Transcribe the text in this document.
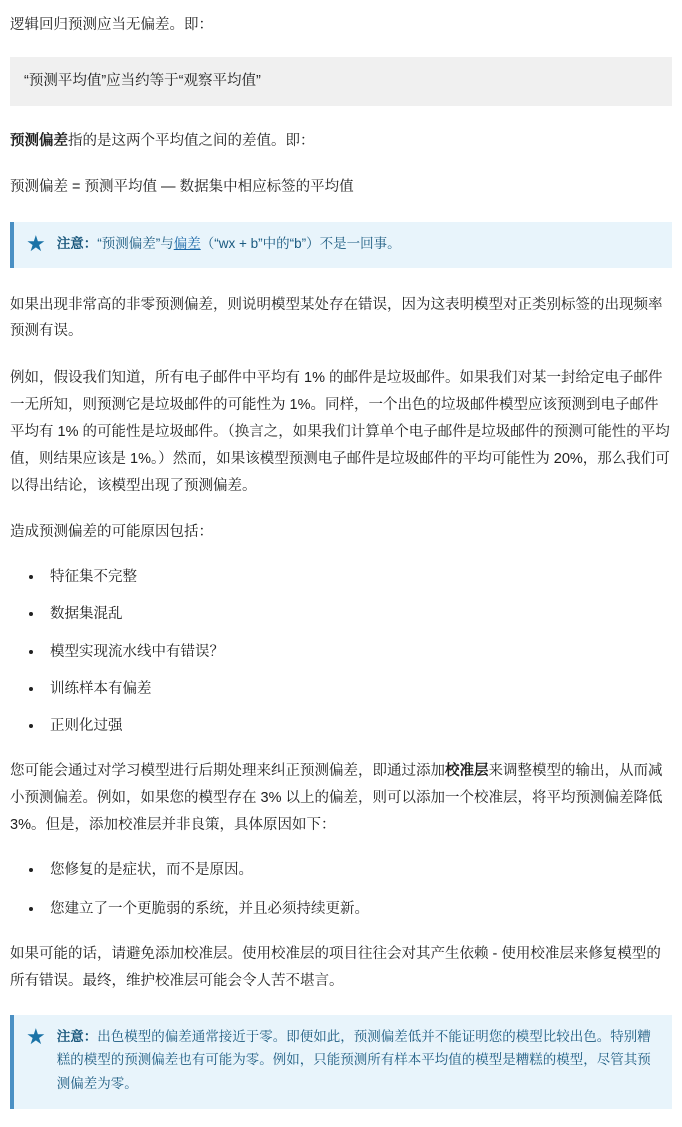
逻辑回归预测应当无偏差。即：

“预测平均值”应当约等于“观察平均值”

预测偏差指的是这两个平均值之间的差值。即：

预测偏差 = 预测平均值 — 数据集中相应标签的平均值

★ 注意：“预测偏差”与偏差（“wx + b”中的“b”）不是一回事。

如果出现非常高的非零预测偏差，则说明模型某处存在错误，因为这表明模型对正类别标签的出现频率预测有误。

例如，假设我们知道，所有电子邮件中平均有 1% 的邮件是垃圾邮件。如果我们对某一封给定电子邮件一无所知，则预测它是垃圾邮件的可能性为 1%。同样，一个出色的垃圾邮件模型应该预测到电子邮件平均有 1% 的可能性是垃圾邮件。（换言之，如果我们计算单个电子邮件是垃圾邮件的预测可能性的平均值，则结果应该是 1%。）然而，如果该模型预测电子邮件是垃圾邮件的平均可能性为 20%，那么我们可以得出结论，该模型出现了预测偏差。

造成预测偏差的可能原因包括：

• 特征集不完整
• 数据集混乱
• 模型实现流水线中有错误？
• 训练样本有偏差
• 正则化过强

您可能会通过对学习模型进行后期处理来纠正预测偏差，即通过添加校准层来调整模型的输出，从而减小预测偏差。例如，如果您的模型存在 3% 以上的偏差，则可以添加一个校准层，将平均预测偏差降低 3%。但是，添加校准层并非良策，具体原因如下：

• 您修复的是症状，而不是原因。
• 您建立了一个更脆弱的系统，并且必须持续更新。

如果可能的话，请避免添加校准层。使用校准层的项目往往会对其产生依赖 - 使用校准层来修复模型的所有错误。最终，维护校准层可能会令人苦不堪言。

★ 注意：出色模型的偏差通常接近于零。即便如此，预测偏差低并不能证明您的模型比较出色。特别糟糕的模型的预测偏差也有可能为零。例如，只能预测所有样本平均值的模型是糟糕的模型，尽管其预测偏差为零。
